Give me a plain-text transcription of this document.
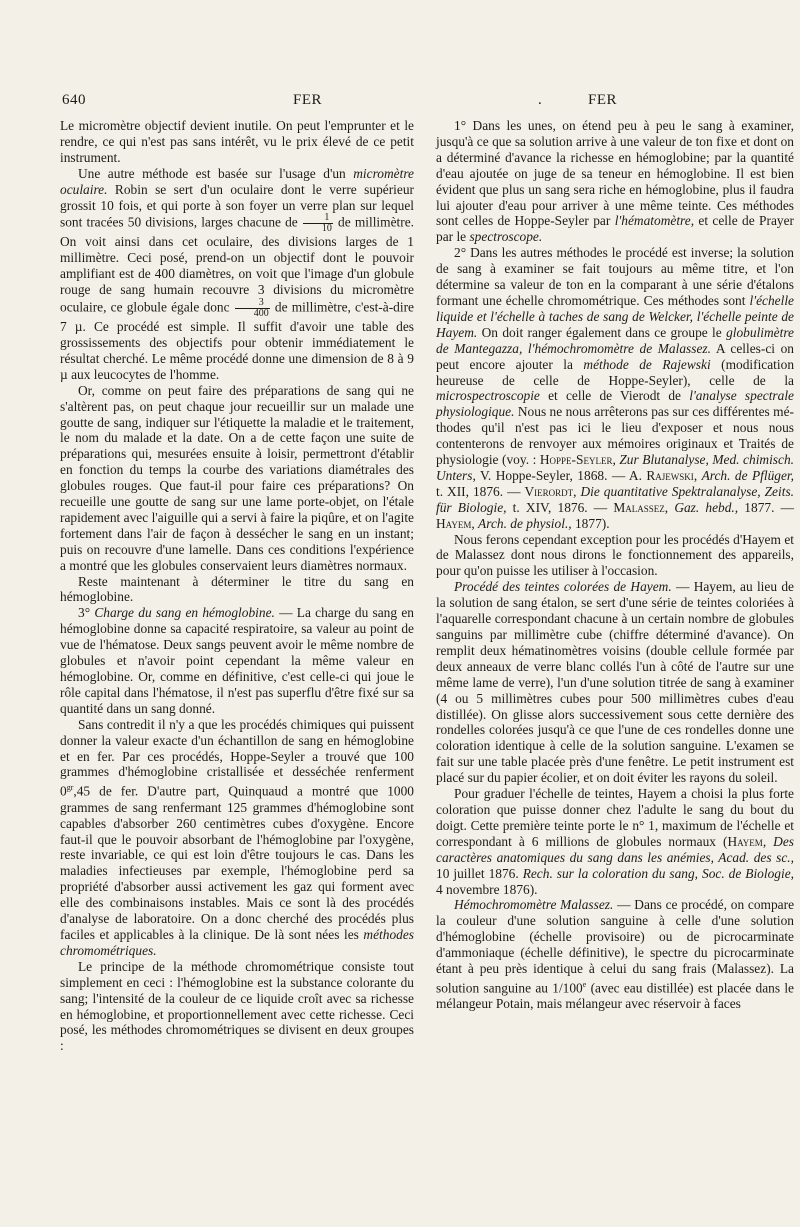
640	FER	.	FER

Le micromètre objectif devient inutile. On peut l'emprunter et le rendre, ce qui n'est pas sans intérêt, vu le prix élevé de ce petit instrument.

Une autre méthode est basée sur l'usage d'un micromètre oculaire. Robin se sert d'un oculaire dont le verre supérieur grossit 10 fois, et qui porte à son foyer un verre plan sur lequel sont tracées 50 divisions, larges chacune de $\frac{1}{10}$ de millimètre. On voit ainsi dans cet oculaire, des divisions larges de 1 millimètre. Ceci posé, prend-on un objectif dont le pouvoir amplifiant est de 400 diamètres, on voit que l'image d'un globule rouge de sang humain recouvre 3 divisions du micromètre oculaire, ce globule égale donc $\frac{3}{400}$ de millimètre, c'est-à-dire 7 µ. Ce procédé est simple. Il suffit d'avoir une table des grossissements des objectifs pour obtenir immédiatement le résultat cherché. Le même procédé donne une dimension de 8 à 9 µ aux leucocytes de l'homme.

Or, comme on peut faire des préparations de sang qui ne s'altèrent pas, on peut chaque jour recueillir sur un malade une goutte de sang, indiquer sur l'étiquette la maladie et le traitement, le nom du malade et la date. On a de cette façon une suite de préparations qui, mesurées ensuite à loisir, permettront d'établir en fonction du temps la courbe des variations diamétrales des globules rouges. Que faut-il pour faire ces préparations? On recueille une goutte de sang sur une lame porte-objet, on l'étale rapidement avec l'aiguille qui a servi à faire la piqûre, et on l'agite fortement dans l'air de façon à dessécher le sang en un instant; puis on recouvre d'une lamelle. Dans ces conditions l'expérience a montré que les globules conservaient leurs diamètres normaux.

Reste maintenant à déterminer le titre du sang en hémoglobine.

3° Charge du sang en hémoglobine. — La charge du sang en hémoglobine donne sa capacité respiratoire, sa valeur au point de vue de l'hématose. Deux sangs peuvent avoir le même nombre de globules et n'avoir point cependant la même valeur en hémoglobine. Or, comme en définitive, c'est celle-ci qui joue le rôle capital dans l'hématose, il n'est pas superflu d'être fixé sur sa quantité dans un sang donné.

Sans contredit il n'y a que les procédés chimiques qui puissent donner la valeur exacte d'un échantillon de sang en hémoglobine et en fer. Par ces procédés, Hoppe-Seyler a trouvé que 100 grammes d'hémoglobine cristallisée et desséchée renferment $0^{gr},45$ de fer. D'autre part, Quinquaud a montré que 1000 grammes de sang renfermant 125 grammes d'hémoglobine sont capables d'absorber 260 centimètres cubes d'oxygène. Encore faut-il que le pouvoir absorbant de l'hémoglobine par l'oxygène, reste invariable, ce qui est loin d'être toujours le cas. Dans les maladies infectieuses par exemple, l'hémoglobine perd sa propriété d'absorber aussi activement les gaz qui forment avec elle des combinaisons instables. Mais ce sont là des procédés d'analyse de laboratoire. On a donc cherché des procédés plus faciles et applicables à la clinique. De là sont nées les méthodes chromométriques.

Le principe de la méthode chromométrique consiste tout simplement en ceci : l'hémoglobine est la substance colorante du sang; l'intensité de la couleur de ce liquide croît avec sa richesse en hémoglobine, et proportionnellement avec cette richesse. Ceci posé, les méthodes chromométriques se divisent en deux groupes :

1° Dans les unes, on étend peu à peu le sang à examiner, jusqu'à ce que sa solution arrive à une valeur de ton fixe et dont on a déterminé d'avance la richesse en hémoglobine; par la quantité d'eau ajoutée on juge de sa teneur en hémoglobine. Il est bien évident que plus un sang sera riche en hémoglobine, plus il faudra lui ajouter d'eau pour arriver à une même teinte. Ces méthodes sont celles de Hoppe-Seyler par l'hématomètre, et celle de Prayer par le spectroscope.

2° Dans les autres méthodes le procédé est inverse; la solution de sang à examiner se fait toujours au même titre, et l'on détermine sa valeur de ton en la comparant à une série d'étalons formant une échelle chromométrique. Ces méthodes sont l'échelle liquide et l'échelle à taches de sang de Welcker, l'échelle peinte de Hayem. On doit ranger également dans ce groupe le globulimètre de Mantegazza, l'hémochromomètre de Malassez. A celles-ci on peut encore ajouter la méthode de Rajewski (modification heureuse de celle de Hoppe-Seyler), celle de la microspectroscopie et celle de Vierodt de l'analyse spectrale physiologique. Nous ne nous arrêterons pas sur ces différentes méthodes qu'il n'est pas ici le lieu d'exposer et nous nous contenterons de renvoyer aux mémoires originaux et Traités de physiologie (voy. : Hoppe-Seyler, Zur Blutanalyse, Med. chimisch. Unters, V. Hoppe-Seyler, 1868. — A. Rajewski, Arch. de Pflüger, t. XII, 1876. — Vierordt, Die quantitative Spektralanalyse, Zeits. für Biologie, t. XIV, 1876. — Malassez, Gaz. hebd., 1877. — Hayem, Arch. de physiol., 1877).

Nous ferons cependant exception pour les procédés d'Hayem et de Malassez dont nous dirons le fonctionnement des appareils, pour qu'on puisse les utiliser à l'occasion.

Procédé des teintes colorées de Hayem. — Hayem, au lieu de la solution de sang étalon, se sert d'une série de teintes coloriées à l'aquarelle correspondant chacune à un certain nombre de globules sanguins par millimètre cube (chiffre déterminé d'avance). On remplit deux hématinomètres voisins (double cellule formée par deux anneaux de verre blanc collés l'un à côté de l'autre sur une même lame de verre), l'un d'une solution titrée de sang à examiner (4 ou 5 millimètres cubes pour 500 millimètres cubes d'eau distillée). On glisse alors successivement sous cette dernière des rondelles colorées jusqu'à ce que l'une de ces rondelles donne une coloration identique à celle de la solution sanguine. L'examen se fait sur une table placée près d'une fenêtre. Le petit instrument est placé sur du papier écolier, et on doit éviter les rayons du soleil.

Pour graduer l'échelle de teintes, Hayem a choisi la plus forte coloration que puisse donner chez l'adulte le sang du bout du doigt. Cette première teinte porte le n° 1, maximum de l'échelle et correspondant à 6 millions de globules normaux (Hayem, Des caractères anatomiques du sang dans les anémies, Acad. des sc., 10 juillet 1876. Rech. sur la coloration du sang, Soc. de Biologie, 4 novembre 1876).

Hémochromomètre Malassez. — Dans ce procédé, on compare la couleur d'une solution sanguine à celle d'une solution d'hémoglobine (échelle provisoire) ou de picrocarminate d'ammoniaque (échelle définitive), le spectre du picrocarminate étant à peu près identique à celui du sang frais (Malassez). La solution sanguine au 1/100e (avec eau distillée) est placée dans le mélangeur Potain, mais mélangeur avec réservoir à faces
